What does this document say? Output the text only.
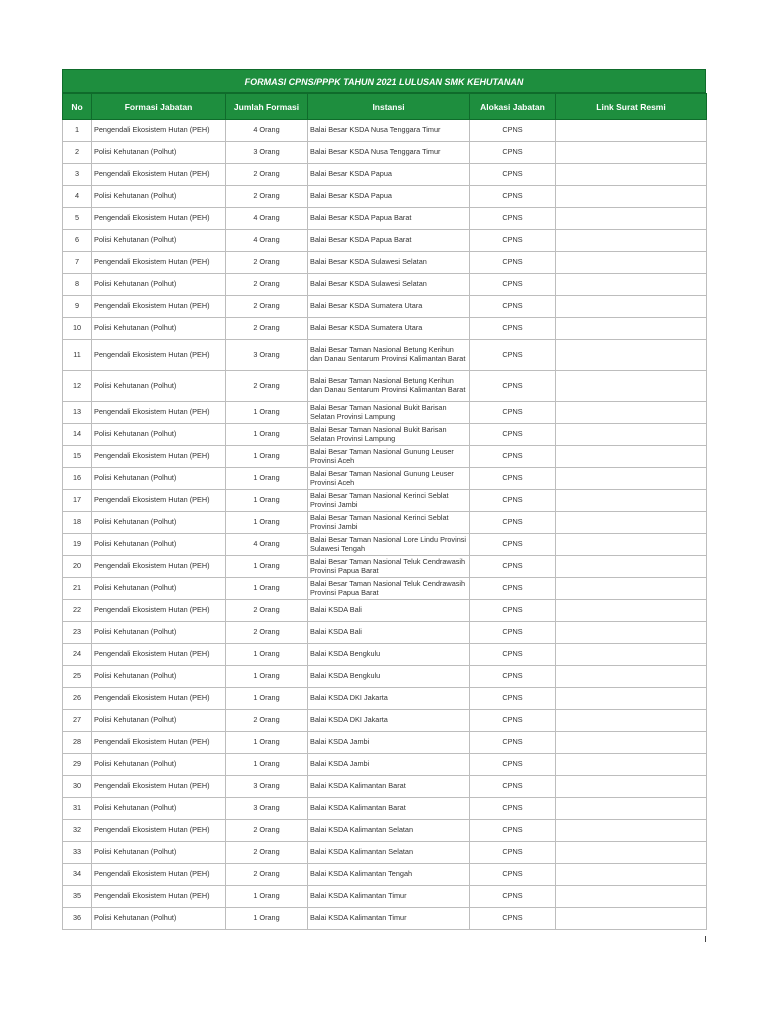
FORMASI CPNS/PPPK TAHUN 2021 LULUSAN SMK KEHUTANAN
No	Formasi Jabatan	Jumlah Formasi	Instansi	Alokasi Jabatan	Link Surat Resmi
1	Pengendali Ekosistem Hutan (PEH)	4 Orang	Balai Besar KSDA Nusa Tenggara Timur	CPNS	
2	Polisi Kehutanan (Polhut)	3 Orang	Balai Besar KSDA Nusa Tenggara Timur	CPNS	
3	Pengendali Ekosistem Hutan (PEH)	2 Orang	Balai Besar KSDA Papua	CPNS	
4	Polisi Kehutanan (Polhut)	2 Orang	Balai Besar KSDA Papua	CPNS	
5	Pengendali Ekosistem Hutan (PEH)	4 Orang	Balai Besar KSDA Papua Barat	CPNS	
6	Polisi Kehutanan (Polhut)	4 Orang	Balai Besar KSDA Papua Barat	CPNS	
7	Pengendali Ekosistem Hutan (PEH)	2 Orang	Balai Besar KSDA Sulawesi Selatan	CPNS	
8	Polisi Kehutanan (Polhut)	2 Orang	Balai Besar KSDA Sulawesi Selatan	CPNS	
9	Pengendali Ekosistem Hutan (PEH)	2 Orang	Balai Besar KSDA Sumatera Utara	CPNS	
10	Polisi Kehutanan (Polhut)	2 Orang	Balai Besar KSDA Sumatera Utara	CPNS	
11	Pengendali Ekosistem Hutan (PEH)	3 Orang	Balai Besar Taman Nasional Betung Kerihun dan Danau Sentarum Provinsi Kalimantan Barat	CPNS	
12	Polisi Kehutanan (Polhut)	2 Orang	Balai Besar Taman Nasional Betung Kerihun dan Danau Sentarum Provinsi Kalimantan Barat	CPNS	
13	Pengendali Ekosistem Hutan (PEH)	1 Orang	Balai Besar Taman Nasional Bukit Barisan Selatan Provinsi Lampung	CPNS	
14	Polisi Kehutanan (Polhut)	1 Orang	Balai Besar Taman Nasional Bukit Barisan Selatan Provinsi Lampung	CPNS	
15	Pengendali Ekosistem Hutan (PEH)	1 Orang	Balai Besar Taman Nasional Gunung Leuser Provinsi Aceh	CPNS	
16	Polisi Kehutanan (Polhut)	1 Orang	Balai Besar Taman Nasional Gunung Leuser Provinsi Aceh	CPNS	
17	Pengendali Ekosistem Hutan (PEH)	1 Orang	Balai Besar Taman Nasional Kerinci Seblat Provinsi Jambi	CPNS	
18	Polisi Kehutanan (Polhut)	1 Orang	Balai Besar Taman Nasional Kerinci Seblat Provinsi Jambi	CPNS	
19	Polisi Kehutanan (Polhut)	4 Orang	Balai Besar Taman Nasional Lore Lindu Provinsi Sulawesi Tengah	CPNS	
20	Pengendali Ekosistem Hutan (PEH)	1 Orang	Balai Besar Taman Nasional Teluk Cendrawasih Provinsi Papua Barat	CPNS	
21	Polisi Kehutanan (Polhut)	1 Orang	Balai Besar Taman Nasional Teluk Cendrawasih Provinsi Papua Barat	CPNS	
22	Pengendali Ekosistem Hutan (PEH)	2 Orang	Balai KSDA Bali	CPNS	
23	Polisi Kehutanan (Polhut)	2 Orang	Balai KSDA Bali	CPNS	
24	Pengendali Ekosistem Hutan (PEH)	1 Orang	Balai KSDA Bengkulu	CPNS	
25	Polisi Kehutanan (Polhut)	1 Orang	Balai KSDA Bengkulu	CPNS	
26	Pengendali Ekosistem Hutan (PEH)	1 Orang	Balai KSDA DKI Jakarta	CPNS	
27	Polisi Kehutanan (Polhut)	2 Orang	Balai KSDA DKI Jakarta	CPNS	
28	Pengendali Ekosistem Hutan (PEH)	1 Orang	Balai KSDA Jambi	CPNS	
29	Polisi Kehutanan (Polhut)	1 Orang	Balai KSDA Jambi	CPNS	
30	Pengendali Ekosistem Hutan (PEH)	3 Orang	Balai KSDA Kalimantan Barat	CPNS	
31	Polisi Kehutanan (Polhut)	3 Orang	Balai KSDA Kalimantan Barat	CPNS	
32	Pengendali Ekosistem Hutan (PEH)	2 Orang	Balai KSDA Kalimantan Selatan	CPNS	
33	Polisi Kehutanan (Polhut)	2 Orang	Balai KSDA Kalimantan Selatan	CPNS	
34	Pengendali Ekosistem Hutan (PEH)	2 Orang	Balai KSDA Kalimantan Tengah	CPNS	
35	Pengendali Ekosistem Hutan (PEH)	1 Orang	Balai KSDA Kalimantan Timur	CPNS	
36	Polisi Kehutanan (Polhut)	1 Orang	Balai KSDA Kalimantan Timur	CPNS	
